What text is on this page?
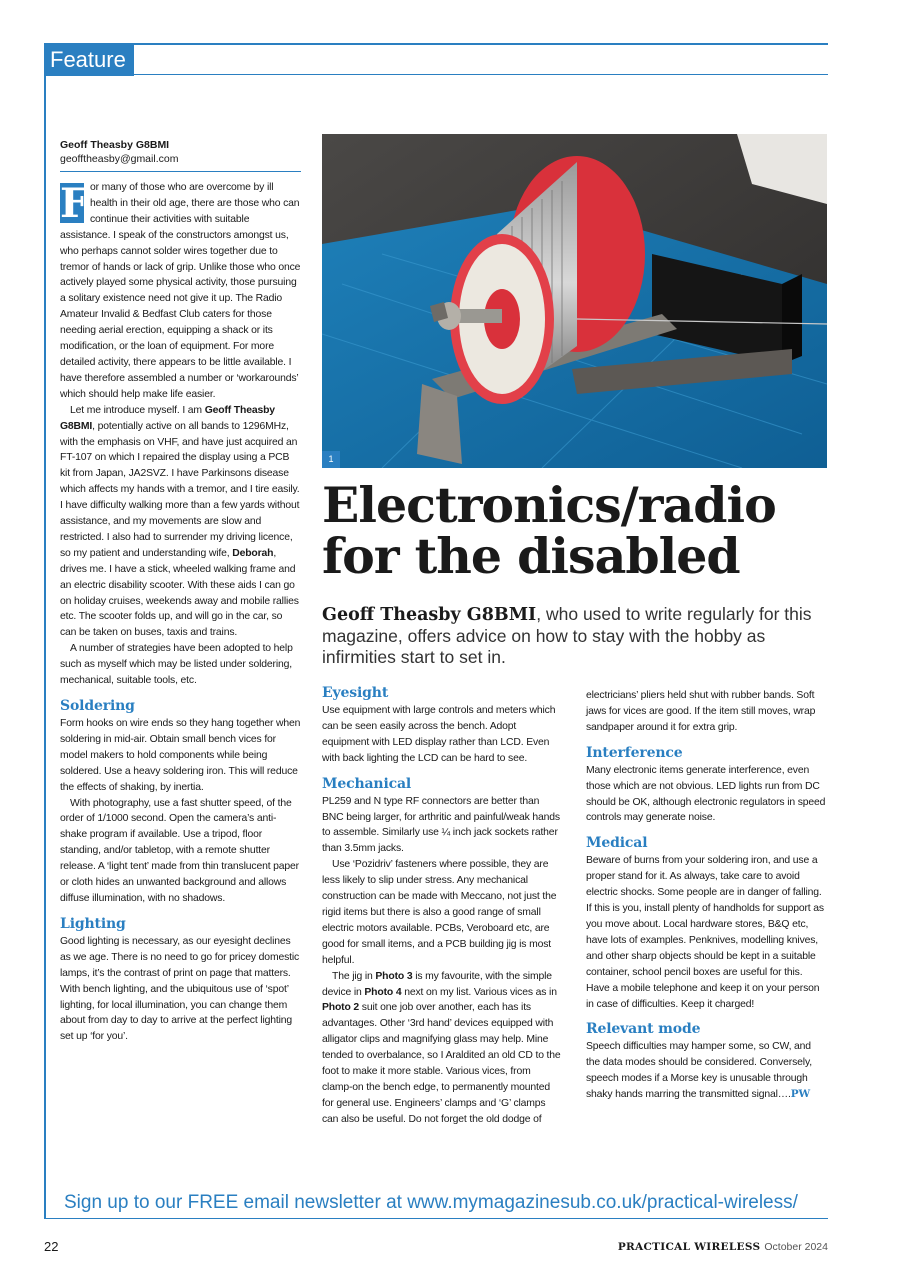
Feature
Geoff Theasby G8BMI
geofftheasby@gmail.com

F or many of those who are overcome by ill health in their old age, there are those who can continue their activities with suitable assistance. I speak of the constructors amongst us, who perhaps cannot solder wires together due to tremor of hands or lack of grip. Unlike those who once actively played some physical activity, those pursuing a solitary existence need not give it up. The Radio Amateur Invalid & Bedfast Club caters for those needing aerial erection, equipping a shack or its modification, or the loan of equipment. For more detailed activity, there appears to be little available. I have therefore assembled a number or ‘workarounds’ which should help make life easier.

Let me introduce myself. I am Geoff Theasby G8BMI, potentially active on all bands to 1296MHz, with the emphasis on VHF, and have just acquired an FT-107 on which I repaired the display using a PCB kit from Japan, JA2SVZ. I have Parkinsons disease which affects my hands with a tremor, and I tire easily. I have difficulty walking more than a few yards without assistance, and my movements are slow and restricted. I also had to surrender my driving licence, so my patient and understanding wife, Deborah, drives me. I have a stick, wheeled walking frame and an electric disability scooter. With these aids I can go on holiday cruises, weekends away and mobile rallies etc. The scooter folds up, and will go in the car, so can be taken on buses, taxis and trains.

A number of strategies have been adopted to help such as myself which may be listed under soldering, mechanical, suitable tools, etc.

Soldering

Form hooks on wire ends so they hang together when soldering in mid-air. Obtain small bench vices for model makers to hold components while being soldered. Use a heavy soldering iron. This will reduce the effects of shaking, by inertia.

With photography, use a fast shutter speed, of the order of 1/1000 second. Open the camera’s anti-shake program if available. Use a tripod, floor standing, and/or tabletop, with a remote shutter release. A ‘light tent’ made from thin translucent paper or cloth hides an unwanted background and allows diffuse illumination, with no shadows.

Lighting

Good lighting is necessary, as our eyesight declines as we age. There is no need to go for pricey domestic lamps, it’s the contrast of print on page that matters. With bench lighting, and the ubiquitous use of ‘spot’ lighting, for local illumination, you can change them about from day to day to arrive at the perfect lighting set up ‘for you’.

1
Electronics/radio
for the disabled
Geoff Theasby G8BMI, who used to write regularly for this magazine, offers advice on how to stay with the hobby as infirmities start to set in.
Eyesight

Use equipment with large controls and meters which can be seen easily across the bench. Adopt equipment with LED display rather than LCD. Even with back lighting the LCD can be hard to see.

Mechanical

PL259 and N type RF connectors are better than BNC being larger, for arthritic and painful/weak hands to assemble. Similarly use ¼ inch jack sockets rather than 3.5mm jacks.

Use ‘Pozidriv’ fasteners where possible, they are less likely to slip under stress. Any mechanical construction can be made with Meccano, not just the rigid items but there is also a good range of small electric motors available. PCBs, Veroboard etc, are good for small items, and a PCB building jig is most helpful.

The jig in Photo 3 is my favourite, with the simple device in Photo 4 next on my list. Various vices as in Photo 2 suit one job over another, each has its advantages. Other ‘3rd hand’ devices equipped with alligator clips and magnifying glass may help. Mine tended to overbalance, so I Araldited an old CD to the foot to make it more stable. Various vices, from clamp-on the bench edge, to permanently mounted for general use. Engineers’ clamps and ‘G’ clamps can also be useful. Do not forget the old dodge of

electricians’ pliers held shut with rubber bands. Soft jaws for vices are good. If the item still moves, wrap sandpaper around it for extra grip.

Interference

Many electronic items generate interference, even those which are not obvious. LED lights run from DC should be OK, although electronic regulators in speed controls may generate noise.

Medical

Beware of burns from your soldering iron, and use a proper stand for it. As always, take care to avoid electric shocks. Some people are in danger of falling. If this is you, install plenty of handholds for support as you move about. Local hardware stores, B&Q etc, have lots of examples. Penknives, modelling knives, and other sharp objects should be kept in a suitable container, school pencil boxes are useful for this. Have a mobile telephone and keep it on your person in case of difficulties. Keep it charged!

Relevant mode

Speech difficulties may hamper some, so CW, and the data modes should be considered. Conversely, speech modes if a Morse key is unusable through shaky hands marring the transmitted signal….PW

Sign up to our FREE email newsletter at www.mymagazinesub.co.uk/practical-wireless/
22	PRACTICAL WIRELESS October 2024
